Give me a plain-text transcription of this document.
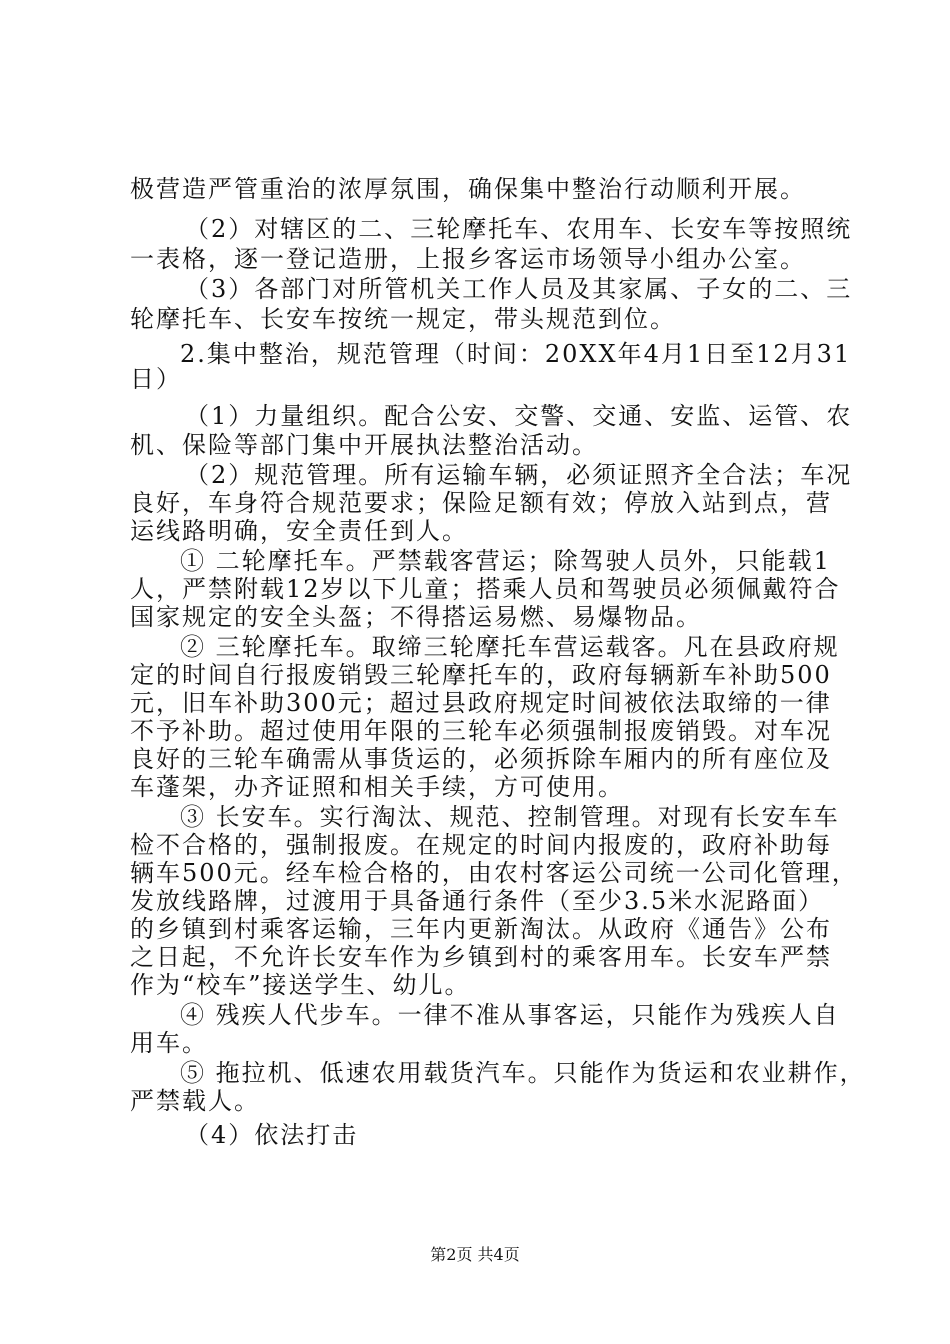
极营造严管重治的浓厚氛围，确保集中整治行动顺利开展。
（2）对辖区的二、三轮摩托车、农用车、长安车等按照统
一表格，逐一登记造册，上报乡客运市场领导小组办公室。
（3）各部门对所管机关工作人员及其家属、子女的二、三
轮摩托车、长安车按统一规定，带头规范到位。
2.集中整治，规范管理（时间：20XX年4月1日至12月31
日）
（1）力量组织。配合公安、交警、交通、安监、运管、农
机、保险等部门集中开展执法整治活动。
（2）规范管理。所有运输车辆，必须证照齐全合法；车况
良好，车身符合规范要求；保险足额有效；停放入站到点，营
运线路明确，安全责任到人。
① 二轮摩托车。严禁载客营运；除驾驶人员外，只能载1
人，严禁附载12岁以下儿童；搭乘人员和驾驶员必须佩戴符合
国家规定的安全头盔；不得搭运易燃、易爆物品。
② 三轮摩托车。取缔三轮摩托车营运载客。凡在县政府规
定的时间自行报废销毁三轮摩托车的，政府每辆新车补助500
元，旧车补助300元；超过县政府规定时间被依法取缔的一律
不予补助。超过使用年限的三轮车必须强制报废销毁。对车况
良好的三轮车确需从事货运的，必须拆除车厢内的所有座位及
车蓬架，办齐证照和相关手续，方可使用。
③ 长安车。实行淘汰、规范、控制管理。对现有长安车车
检不合格的，强制报废。在规定的时间内报废的，政府补助每
辆车500元。经车检合格的，由农村客运公司统一公司化管理，
发放线路牌，过渡用于具备通行条件（至少3.5米水泥路面）
的乡镇到村乘客运输，三年内更新淘汰。从政府《通告》公布
之日起，不允许长安车作为乡镇到村的乘客用车。长安车严禁
作为“校车”接送学生、幼儿。
④ 残疾人代步车。一律不准从事客运，只能作为残疾人自
用车。
⑤ 拖拉机、低速农用载货汽车。只能作为货运和农业耕作，
严禁载人。
（4）依法打击
第2页 共4页
